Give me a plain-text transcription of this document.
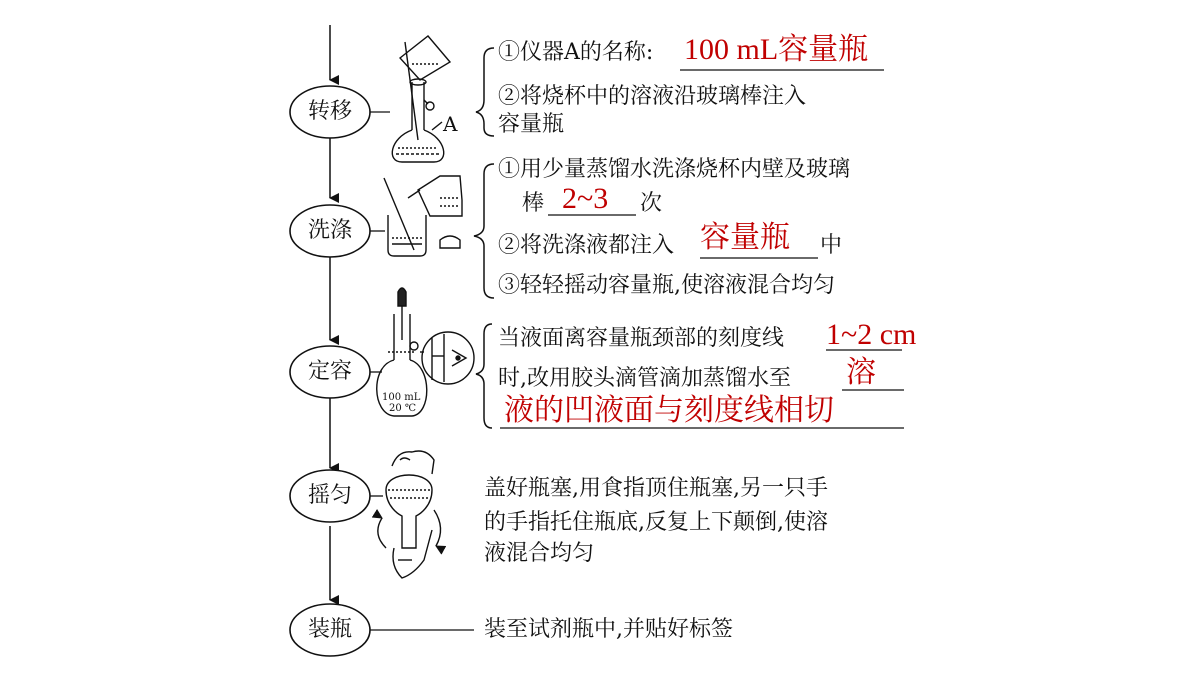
A
100 mL
20 ℃
转移
洗涤
定容
摇匀
装瓶
①仪器A的名称: 100 mL容量瓶
②将烧杯中的溶液沿玻璃棒注入
容量瓶
①用少量蒸馏水洗涤烧杯内壁及玻璃
棒 2~3 次
②将洗涤液都注入 容量瓶 中
③轻轻摇动容量瓶,使溶液混合均匀
当液面离容量瓶颈部的刻度线 1~2 cm
时,改用胶头滴管滴加蒸馏水至 溶
液的凹液面与刻度线相切
盖好瓶塞,用食指顶住瓶塞,另一只手
的手指托住瓶底,反复上下颠倒,使溶
液混合均匀
装至试剂瓶中,并贴好标签
